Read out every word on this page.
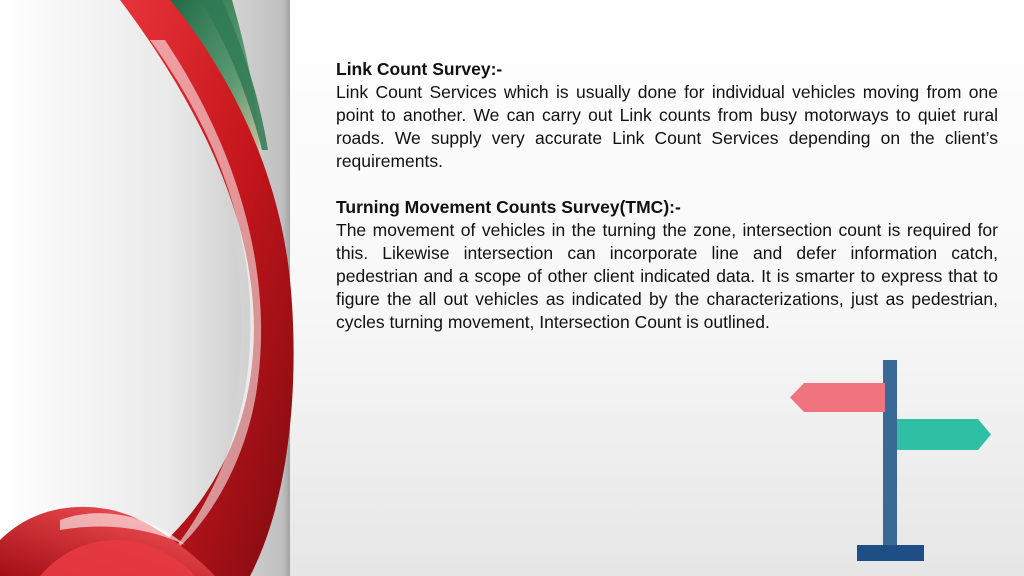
Link Count Survey:-

Link Count Services which is usually done for individual vehicles moving from one point to another. We can carry out Link counts from busy motorways to quiet rural roads. We supply very accurate Link Count Services depending on the client’s requirements.

Turning Movement Counts Survey(TMC):-

The movement of vehicles in the turning the zone, intersection count is required for this. Likewise intersection can incorporate line and defer information catch, pedestrian and a scope of other client indicated data. It is smarter to express that to figure the all out vehicles as indicated by the characterizations, just as pedestrian, cycles turning movement, Intersection Count is outlined.
